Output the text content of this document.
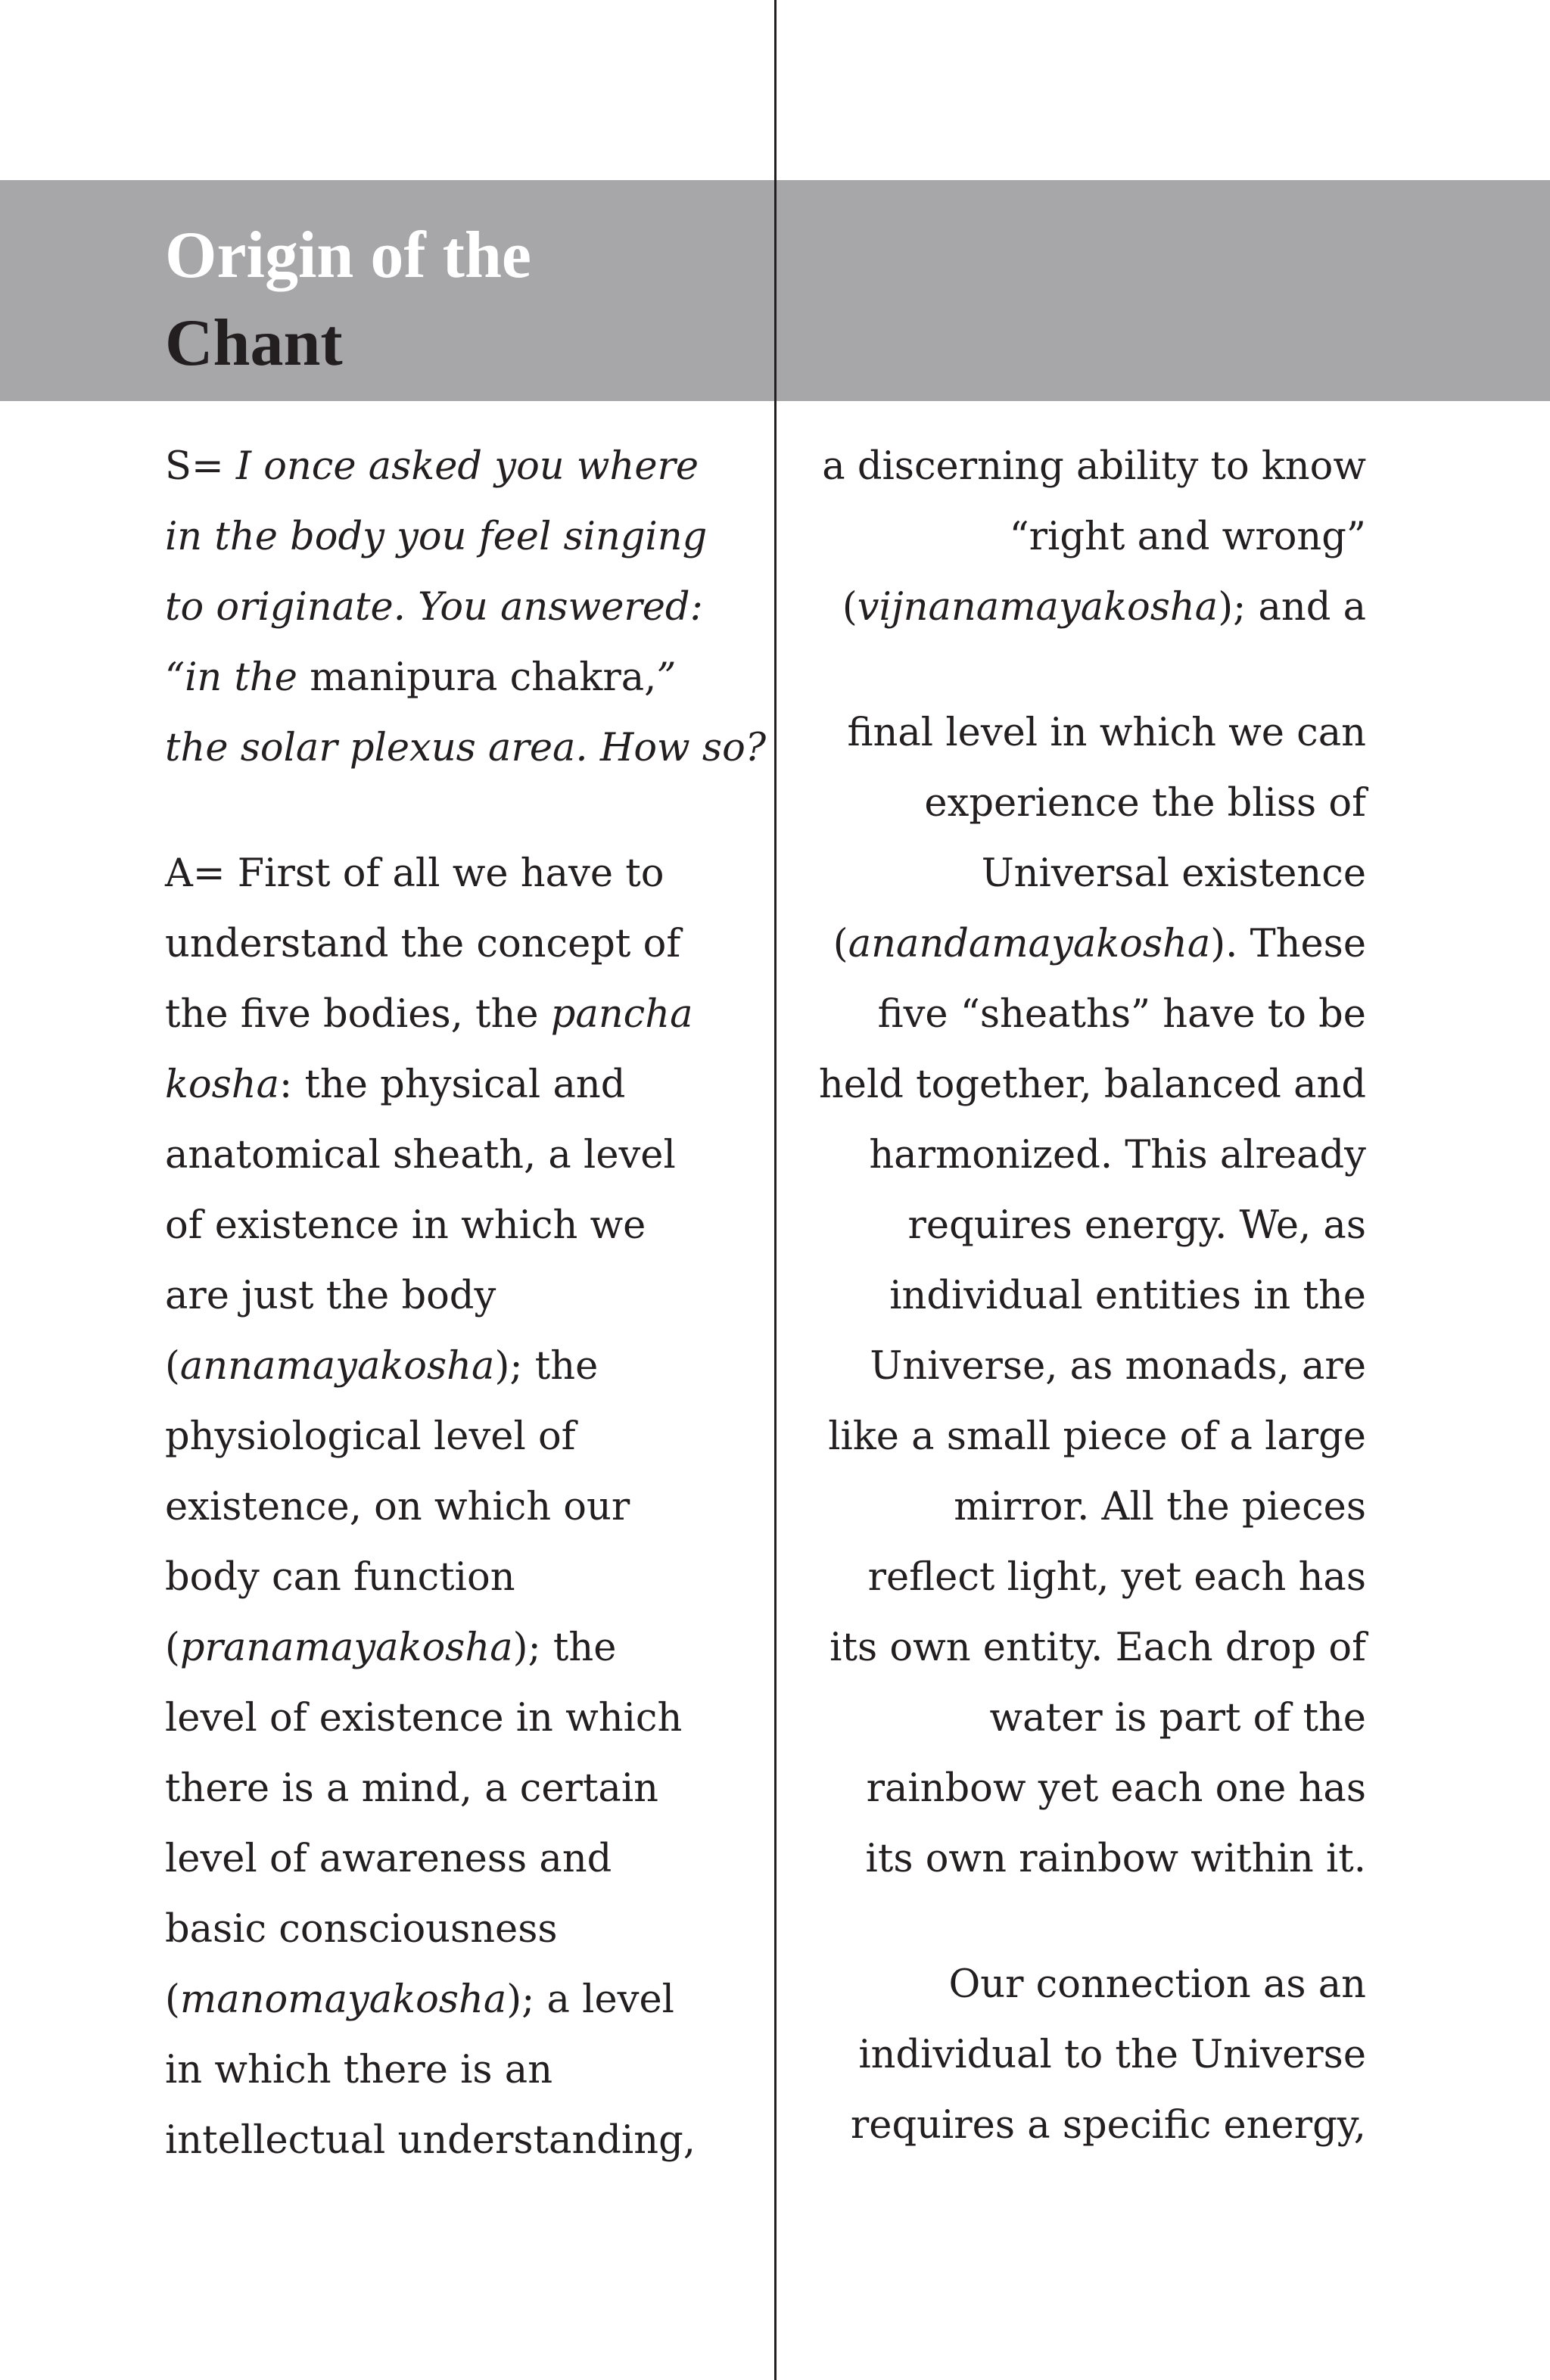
Origin of the
Chant

S= I once asked you where
in the body you feel singing
to originate. You answered:
“in the manipura chakra,”
the solar plexus area. How so?

A= First of all we have to
understand the concept of
the five bodies, the pancha
kosha: the physical and
anatomical sheath, a level
of existence in which we
are just the body
(annamayakosha); the
physiological level of
existence, on which our
body can function
(pranamayakosha); the
level of existence in which
there is a mind, a certain
level of awareness and
basic consciousness
(manomayakosha); a level
in which there is an
intellectual understanding,

a discerning ability to know
“right and wrong”
(vijnanamayakosha); and a

final level in which we can
experience the bliss of
Universal existence
(anandamayakosha). These
five “sheaths” have to be
held together, balanced and
harmonized. This already
requires energy. We, as
individual entities in the
Universe, as monads, are
like a small piece of a large
mirror. All the pieces
reflect light, yet each has
its own entity. Each drop of
water is part of the
rainbow yet each one has
its own rainbow within it.

Our connection as an
individual to the Universe
requires a specific energy,
